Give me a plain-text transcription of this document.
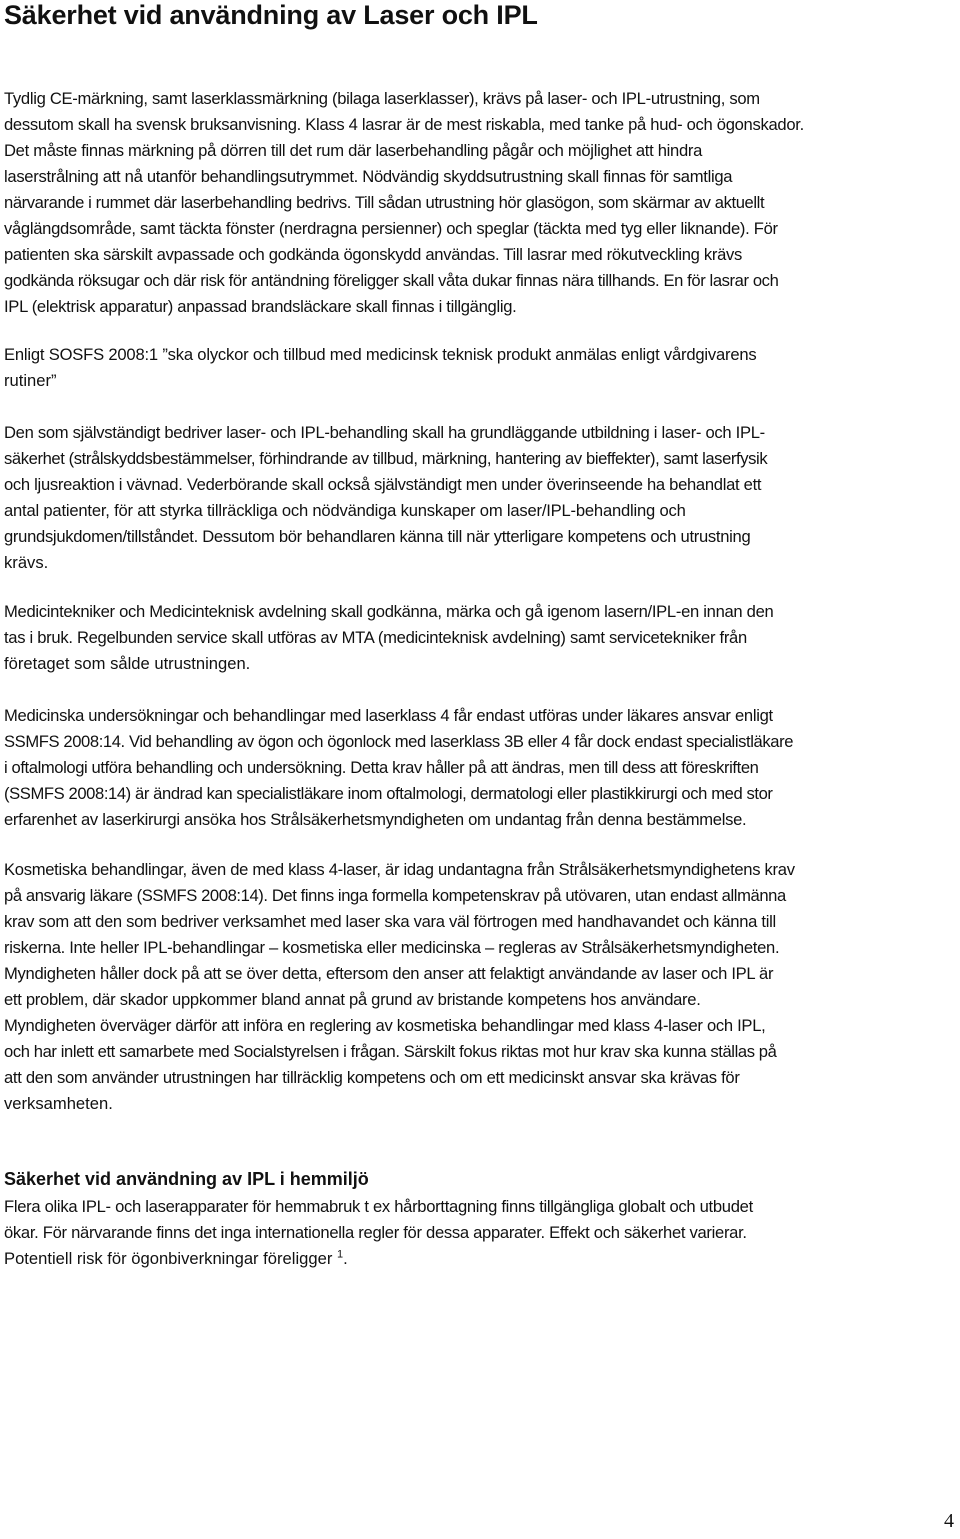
Säkerhet vid användning av Laser och IPL
Tydlig CE-märkning, samt laserklassmärkning (bilaga laserklasser), krävs på laser- och IPL-utrustning, som
dessutom skall ha svensk bruksanvisning. Klass 4 lasrar är de mest riskabla, med tanke på hud- och ögonskador.
Det måste finnas märkning på dörren till det rum där laserbehandling pågår och möjlighet att hindra
laserstrålning att nå utanför behandlingsutrymmet. Nödvändig skyddsutrustning skall finnas för samtliga
närvarande i rummet där laserbehandling bedrivs. Till sådan utrustning hör glasögon, som skärmar av aktuellt
våglängdsområde, samt täckta fönster (nerdragna persienner) och speglar (täckta med tyg eller liknande). För
patienten ska särskilt avpassade och godkända ögonskydd användas. Till lasrar med rökutveckling krävs
godkända röksugar och där risk för antändning föreligger skall våta dukar finnas nära tillhands. En för lasrar och
IPL (elektrisk apparatur) anpassad brandsläckare skall finnas i tillgänglig.
Enligt SOSFS 2008:1 ”ska olyckor och tillbud med medicinsk teknisk produkt anmälas enligt vårdgivarens
rutiner”
Den som självständigt bedriver laser- och IPL-behandling skall ha grundläggande utbildning i laser- och IPL-
säkerhet (strålskyddsbestämmelser, förhindrande av tillbud, märkning, hantering av bieffekter), samt laserfysik
och ljusreaktion i vävnad. Vederbörande skall också självständigt men under överinseende ha behandlat ett
antal patienter, för att styrka tillräckliga och nödvändiga kunskaper om laser/IPL-behandling och
grundsjukdomen/tillståndet. Dessutom bör behandlaren känna till när ytterligare kompetens och utrustning
krävs.
Medicintekniker och Medicinteknisk avdelning skall godkänna, märka och gå igenom lasern/IPL-en innan den
tas i bruk. Regelbunden service skall utföras av MTA (medicinteknisk avdelning) samt servicetekniker från
företaget som sålde utrustningen.
Medicinska undersökningar och behandlingar med laserklass 4 får endast utföras under läkares ansvar enligt
SSMFS 2008:14. Vid behandling av ögon och ögonlock med laserklass 3B eller 4 får dock endast specialistläkare
i oftalmologi utföra behandling och undersökning. Detta krav håller på att ändras, men till dess att föreskriften
(SSMFS 2008:14) är ändrad kan specialistläkare inom oftalmologi, dermatologi eller plastikkirurgi och med stor
erfarenhet av laserkirurgi ansöka hos Strålsäkerhetsmyndigheten om undantag från denna bestämmelse.
Kosmetiska behandlingar, även de med klass 4-laser, är idag undantagna från Strålsäkerhetsmyndighetens krav
på ansvarig läkare (SSMFS 2008:14). Det finns inga formella kompetenskrav på utövaren, utan endast allmänna
krav som att den som bedriver verksamhet med laser ska vara väl förtrogen med handhavandet och känna till
riskerna. Inte heller IPL-behandlingar – kosmetiska eller medicinska – regleras av Strålsäkerhetsmyndigheten.
Myndigheten håller dock på att se över detta, eftersom den anser att felaktigt användande av laser och IPL är
ett problem, där skador uppkommer bland annat på grund av bristande kompetens hos användare.
Myndigheten överväger därför att införa en reglering av kosmetiska behandlingar med klass 4-laser och IPL,
och har inlett ett samarbete med Socialstyrelsen i frågan. Särskilt fokus riktas mot hur krav ska kunna ställas på
att den som använder utrustningen har tillräcklig kompetens och om ett medicinskt ansvar ska krävas för
verksamheten.
Säkerhet vid användning av IPL i hemmiljö
Flera olika IPL- och laserapparater för hemmabruk t ex hårborttagning finns tillgängliga globalt och utbudet
ökar. För närvarande finns det inga internationella regler för dessa apparater. Effekt och säkerhet varierar.
Potentiell risk för ögonbiverkningar föreligger $^1$.
4
